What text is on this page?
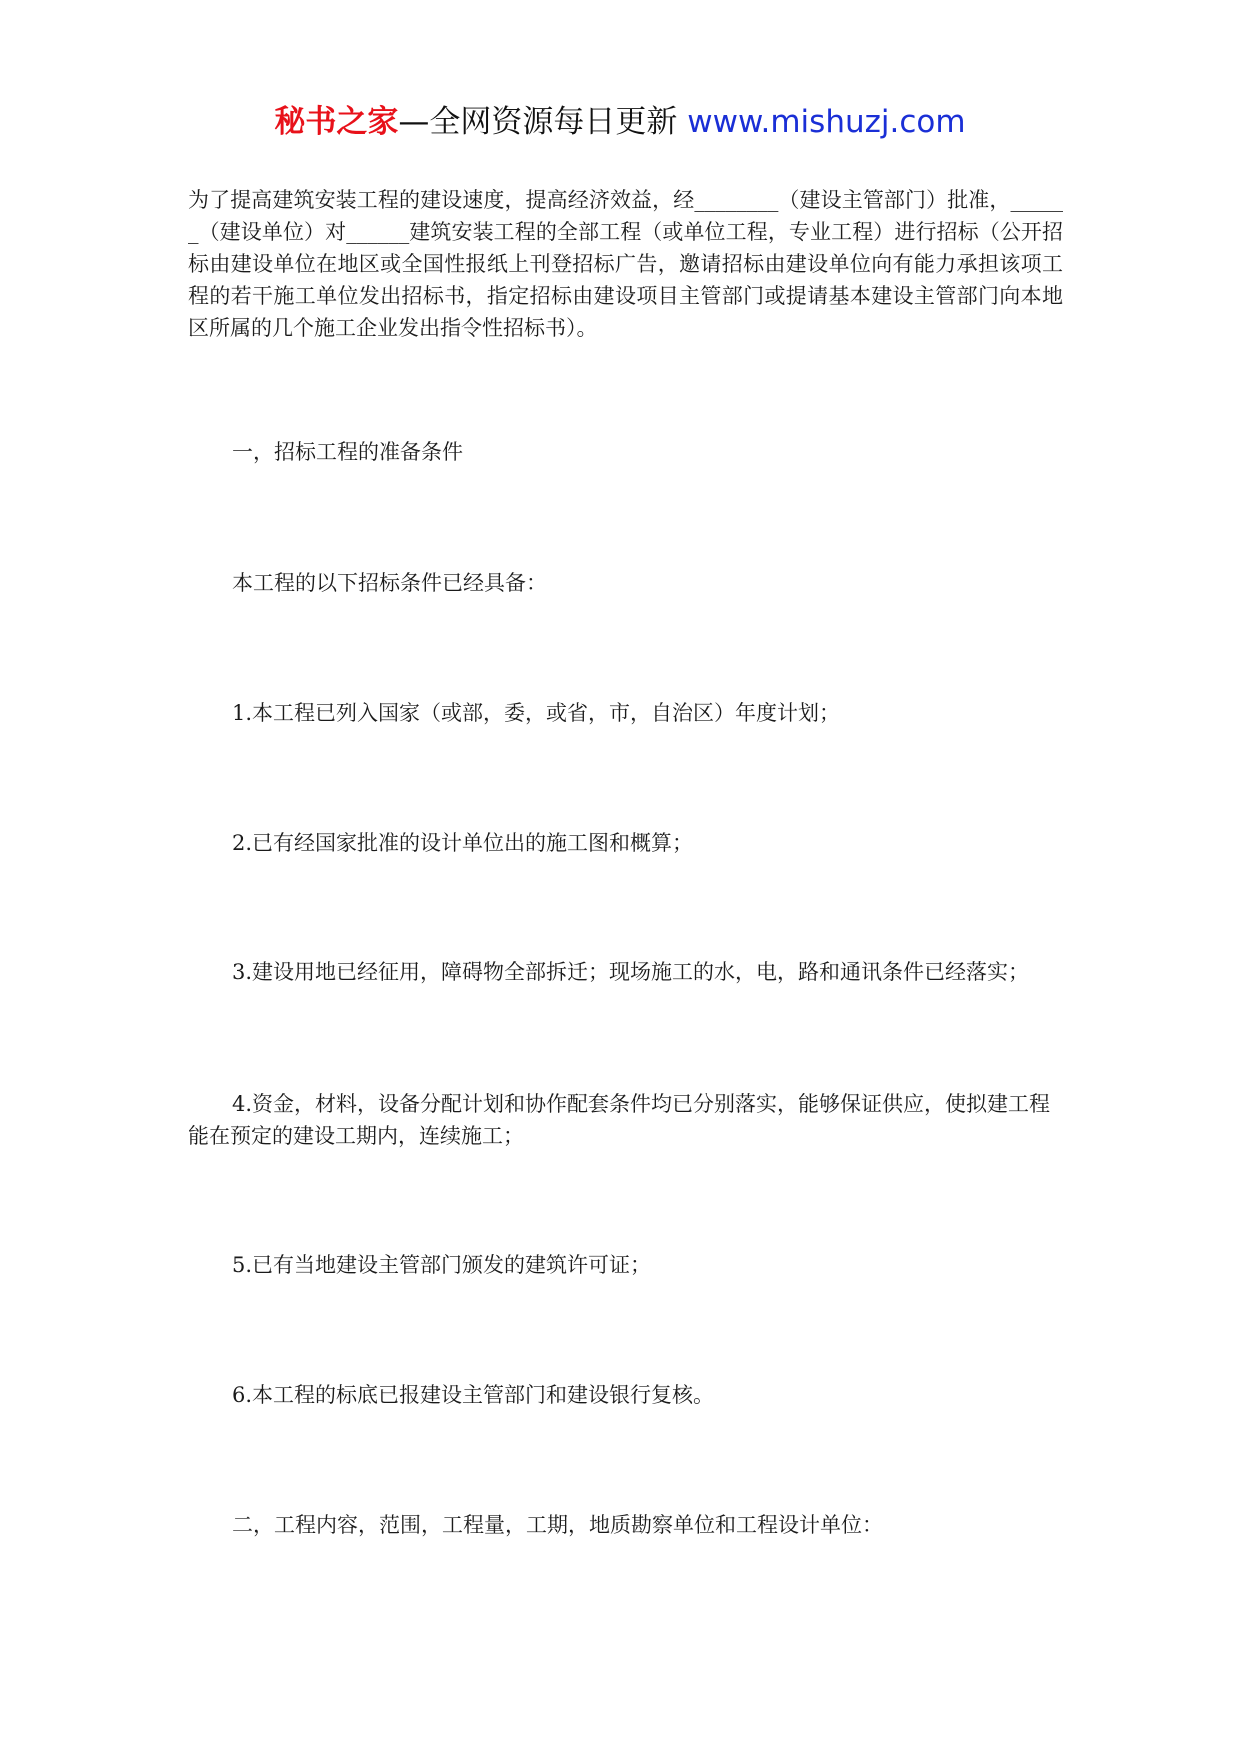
秘书之家—全网资源每日更新 www.mishuzj.com

为了提高建筑安装工程的建设速度，提高经济效益，经________（建设主管部门）批准，______（建设单位）对______建筑安装工程的全部工程（或单位工程，专业工程）进行招标（公开招标由建设单位在地区或全国性报纸上刊登招标广告，邀请招标由建设单位向有能力承担该项工程的若干施工单位发出招标书，指定招标由建设项目主管部门或提请基本建设主管部门向本地区所属的几个施工企业发出指令性招标书）。

一，招标工程的准备条件

本工程的以下招标条件已经具备：

1.本工程已列入国家（或部，委，或省，市，自治区）年度计划；

2.已有经国家批准的设计单位出的施工图和概算；

3.建设用地已经征用，障碍物全部拆迁；现场施工的水，电，路和通讯条件已经落实；

4.资金，材料，设备分配计划和协作配套条件均已分别落实，能够保证供应，使拟建工程能在预定的建设工期内，连续施工；

5.已有当地建设主管部门颁发的建筑许可证；

6.本工程的标底已报建设主管部门和建设银行复核。

二，工程内容，范围，工程量，工期，地质勘察单位和工程设计单位：
